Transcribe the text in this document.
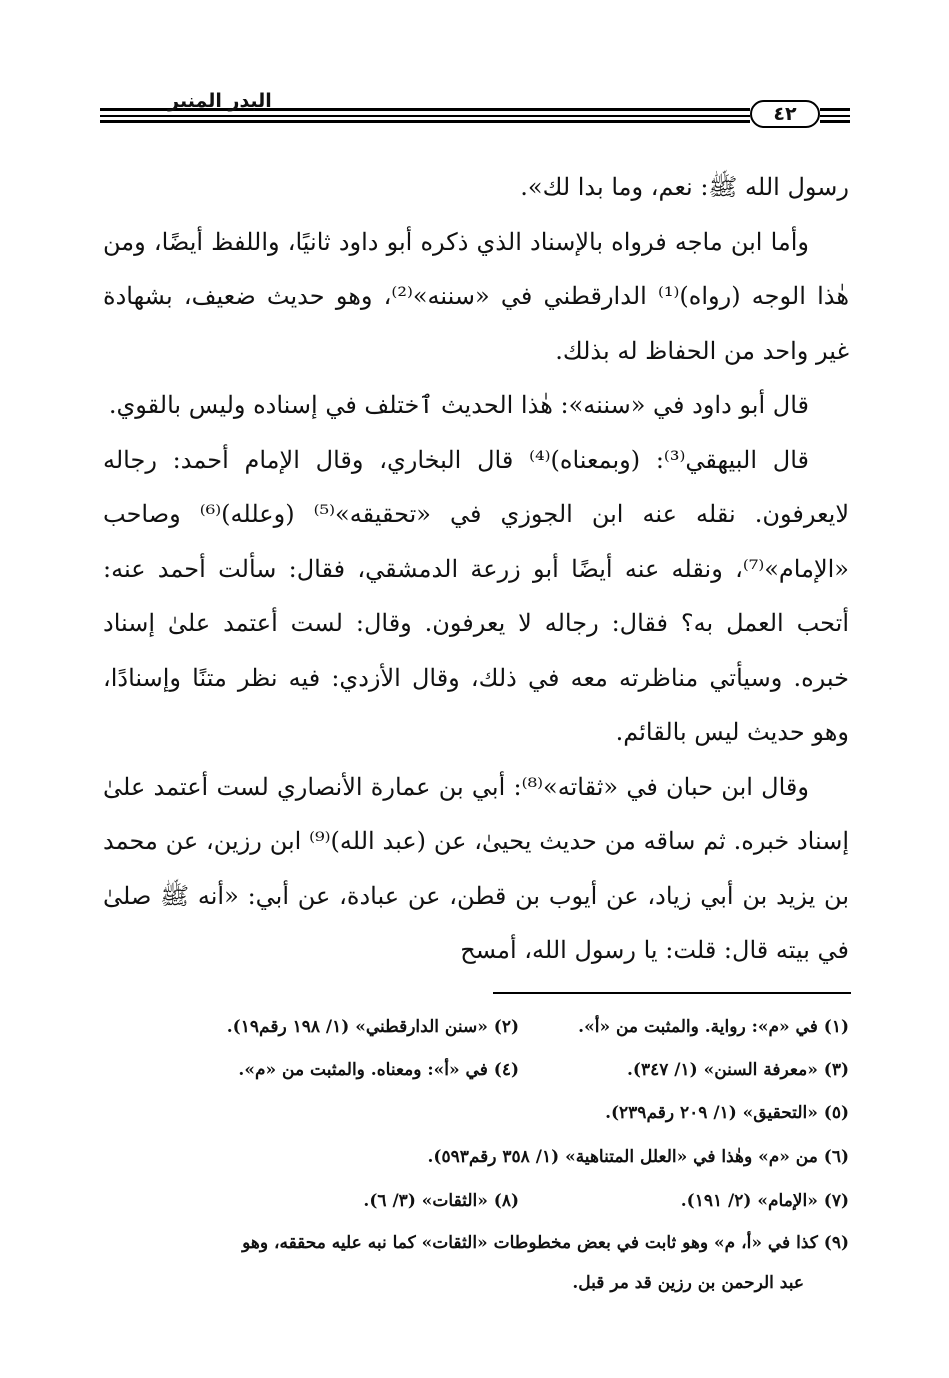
البدر المنير
٤٢

رسول الله ﷺ: نعم، وما بدا لك».

وأما ابن ماجه فرواه بالإسناد الذي ذكره أبو داود ثانيًا، واللفظ أيضًا، ومن هٰذا الوجه (رواه)⁽¹⁾ الدارقطني في «سننه»⁽²⁾، وهو حديث ضعيف، بشهادة غير واحد من الحفاظ له بذلك.

قال أبو داود في «سننه»: هٰذا الحديث ٱختلف في إسناده وليس بالقوي.

قال البيهقي⁽³⁾: (وبمعناه)⁽⁴⁾ قال البخاري، وقال الإمام أحمد: رجاله لايعرفون. نقله عنه ابن الجوزي في «تحقيقه»⁽⁵⁾ (وعلله)⁽⁶⁾ وصاحب «الإمام»⁽⁷⁾، ونقله عنه أيضًا أبو زرعة الدمشقي، فقال: سألت أحمد عنه: أتحب العمل به؟ فقال: رجاله لا يعرفون. وقال: لست أعتمد علىٰ إسناد خبره. وسيأتي مناظرته معه في ذلك، وقال الأزدي: فيه نظر متنًا وإسنادًا، وهو حديث ليس بالقائم.

وقال ابن حبان في «ثقاته»⁽⁸⁾: أبي بن عمارة الأنصاري لست أعتمد علىٰ إسناد خبره. ثم ساقه من حديث يحيىٰ، عن (عبد الله)⁽⁹⁾ ابن رزين، عن محمد بن يزيد بن أبي زياد، عن أيوب بن قطن، عن عبادة، عن أبي: «أنه ﷺ صلىٰ في بيته قال: قلت: يا رسول الله، أمسح

(١) في «م»: رواية. والمثبت من «أ».
(٢) «سنن الدارقطني» (١/ ١٩٨ رقم١٩).
(٣) «معرفة السنن» (١/ ٣٤٧).
(٤) في «أ»: ومعناه. والمثبت من «م».
(٥) «التحقيق» (١/ ٢٠٩ رقم٢٣٩).
(٦) من «م» وهٰذا في «العلل المتناهية» (١/ ٣٥٨ رقم٥٩٣).
(٧) «الإمام» (٢/ ١٩١).
(٨) «الثقات» (٣/ ٦).
(٩) كذا في «أ، م» وهو ثابت في بعض مخطوطات «الثقات» كما نبه عليه محققه، وهو
عبد الرحمن بن رزين قد مر قبل.
